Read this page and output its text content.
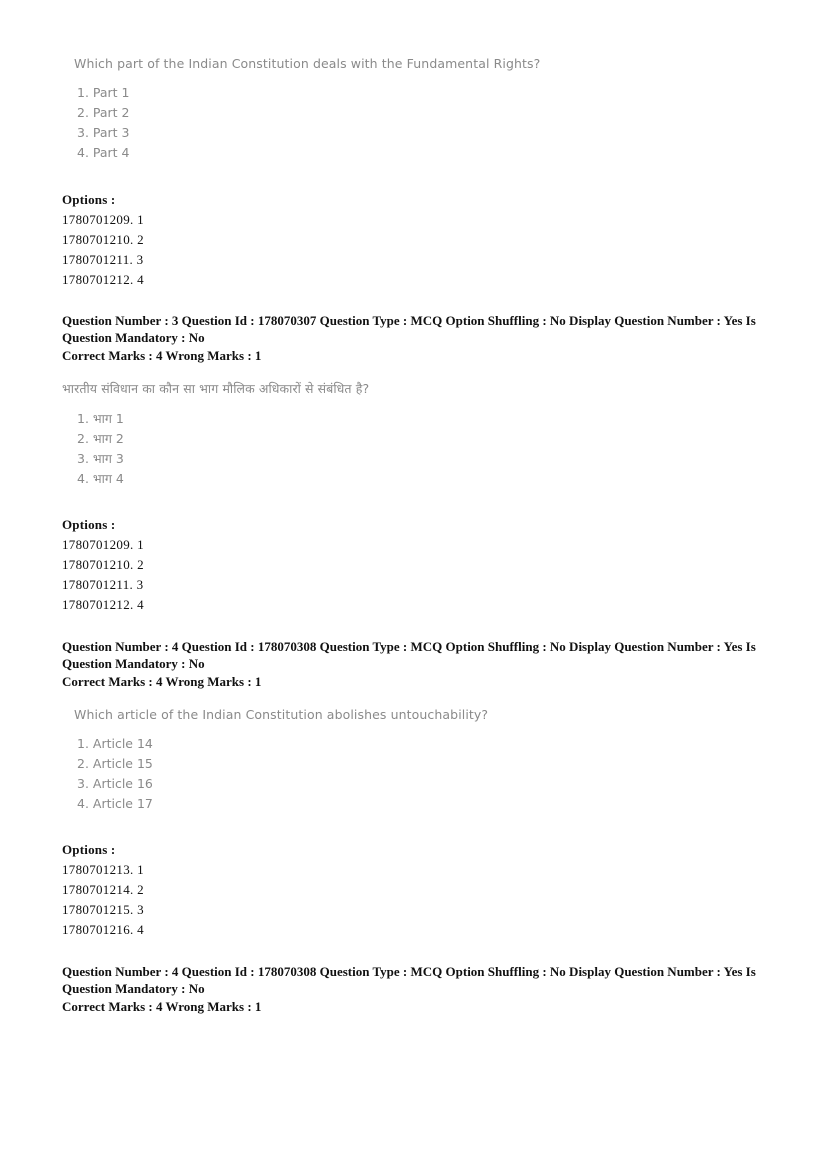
Which part of the Indian Constitution deals with the Fundamental Rights?

1. Part 1
2. Part 2
3. Part 3
4. Part 4
Options :
1780701209. 1
1780701210. 2
1780701211. 3
1780701212. 4
Question Number : 3 Question Id : 178070307 Question Type : MCQ Option Shuffling : No Display Question Number : Yes Is
Question Mandatory : No
Correct Marks : 4 Wrong Marks : 1

भारतीय संविधान का कौन सा भाग मौलिक अधिकारों से संबंधित है?

1. भाग 1
2. भाग 2
3. भाग 3
4. भाग 4
Options :
1780701209. 1
1780701210. 2
1780701211. 3
1780701212. 4
Question Number : 4 Question Id : 178070308 Question Type : MCQ Option Shuffling : No Display Question Number : Yes Is
Question Mandatory : No
Correct Marks : 4 Wrong Marks : 1

Which article of the Indian Constitution abolishes untouchability?

1. Article 14
2. Article 15
3. Article 16
4. Article 17
Options :
1780701213. 1
1780701214. 2
1780701215. 3
1780701216. 4
Question Number : 4 Question Id : 178070308 Question Type : MCQ Option Shuffling : No Display Question Number : Yes Is
Question Mandatory : No
Correct Marks : 4 Wrong Marks : 1
